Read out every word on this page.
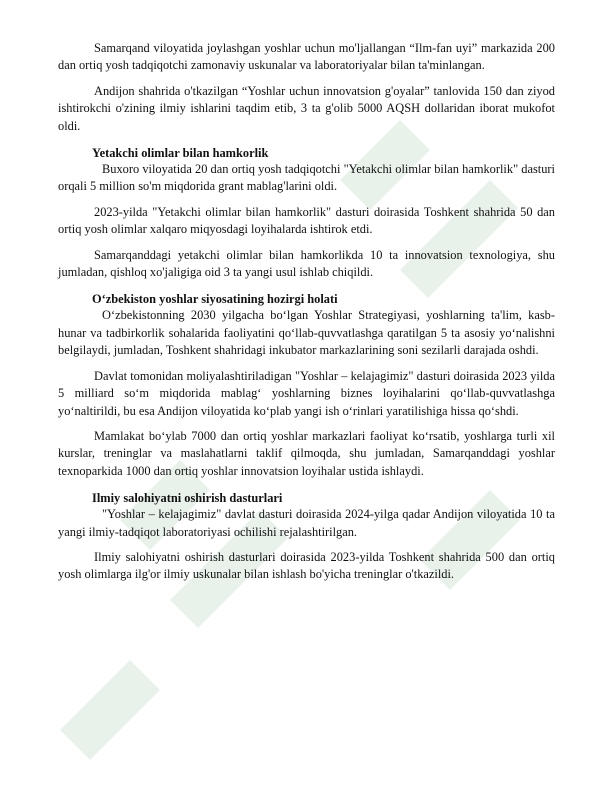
Samarqand viloyatida joylashgan yoshlar uchun mo'ljallangan “Ilm-fan uyi” markazida 200 dan ortiq yosh tadqiqotchi zamonaviy uskunalar va laboratoriyalar bilan ta'minlangan.

Andijon shahrida o'tkazilgan “Yoshlar uchun innovatsion g'oyalar” tanlovida 150 dan ziyod ishtirokchi o'zining ilmiy ishlarini taqdim etib, 3 ta g'olib 5000 AQSH dollaridan iborat mukofot oldi.

Yetakchi olimlar bilan hamkorlik

Buxoro viloyatida 20 dan ortiq yosh tadqiqotchi "Yetakchi olimlar bilan hamkorlik" dasturi orqali 5 million so'm miqdorida grant mablag'larini oldi.

2023-yilda "Yetakchi olimlar bilan hamkorlik" dasturi doirasida Toshkent shahrida 50 dan ortiq yosh olimlar xalqaro miqyosdagi loyihalarda ishtirok etdi.

Samarqanddagi yetakchi olimlar bilan hamkorlikda 10 ta innovatsion texnologiya, shu jumladan, qishloq xo'jaligiga oid 3 ta yangi usul ishlab chiqildi.

O‘zbekiston yoshlar siyosatining hozirgi holati

O‘zbekistonning 2030 yilgacha bo‘lgan Yoshlar Strategiyasi, yoshlarning ta'lim, kasb-hunar va tadbirkorlik sohalarida faoliyatini qo‘llab-quvvatlashga qaratilgan 5 ta asosiy yo‘nalishni belgilaydi, jumladan, Toshkent shahridagi inkubator markazlarining soni sezilarli darajada oshdi.

Davlat tomonidan moliyalashtiriladigan "Yoshlar – kelajagimiz" dasturi doirasida 2023 yilda 5 milliard so‘m miqdorida mablag‘ yoshlarning biznes loyihalarini qo‘llab-quvvatlashga yo‘naltirildi, bu esa Andijon viloyatida ko‘plab yangi ish o‘rinlari yaratilishiga hissa qo‘shdi.

Mamlakat bo‘ylab 7000 dan ortiq yoshlar markazlari faoliyat ko‘rsatib, yoshlarga turli xil kurslar, treninglar va maslahatlarni taklif qilmoqda, shu jumladan, Samarqanddagi yoshlar texnoparkida 1000 dan ortiq yoshlar innovatsion loyihalar ustida ishlaydi.

Ilmiy salohiyatni oshirish dasturlari

"Yoshlar – kelajagimiz" davlat dasturi doirasida 2024-yilga qadar Andijon viloyatida 10 ta yangi ilmiy-tadqiqot laboratoriyasi ochilishi rejalashtirilgan.

Ilmiy salohiyatni oshirish dasturlari doirasida 2023-yilda Toshkent shahrida 500 dan ortiq yosh olimlarga ilg'or ilmiy uskunalar bilan ishlash bo'yicha treninglar o'tkazildi.
